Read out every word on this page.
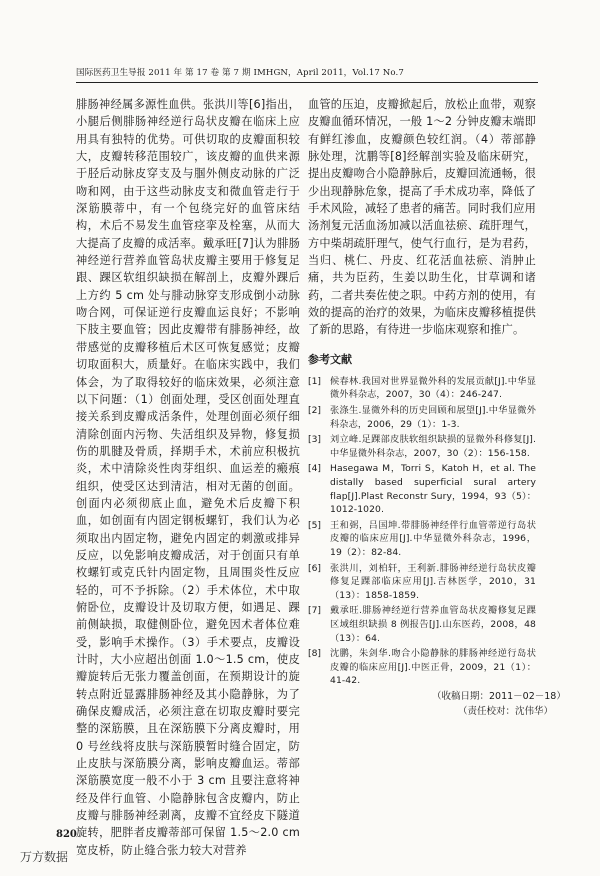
国际医药卫生导报 2011 年 第 17 卷 第 7 期 IMHGN，April 2011，Vol.17 No.7

腓肠神经属多源性血供。张洪川等[6]指出，小腿后侧腓肠神经逆行岛状皮瓣在临床上应用具有独特的优势。可供切取的皮瓣面积较大，皮瓣转移范围较广，该皮瓣的血供来源于胫后动脉皮穿支及与腘外侧皮动脉的广泛吻和网，由于这些动脉皮支和微血管走行于深筋膜蒂中，有一个包绕完好的血管床结构，术后不易发生血管痉挛及栓塞，从而大大提高了皮瓣的成活率。戴承旺[7]认为腓肠神经逆行营养血管岛状皮瓣主要用于修复足跟、踝区软组织缺损在解剖上，皮瓣外踝后上方约 5 cm 处与腓动脉穿支形成倒小动脉吻合网，可保证逆行皮瓣血运良好；不影响下肢主要血管；因此皮瓣带有腓肠神经，故带感觉的皮瓣移植后术区可恢复感觉；皮瓣切取面积大，质量好。在临床实践中，我们体会，为了取得较好的临床效果，必须注意以下问题：（1）创面处理，受区创面处理直接关系到皮瓣成活条件，处理创面必须仔细清除创面内污物、失活组织及异物，修复损伤的肌腱及骨质，择期手术，术前应积极抗炎，术中清除炎性肉芽组织、血运差的瘢痕组织，使受区达到清洁，相对无菌的创面。创面内必须彻底止血，避免术后皮瓣下积血，如创面有内固定钢板螺钉，我们认为必须取出内固定物，避免内固定的刺激或排异反应，以免影响皮瓣成活，对于创面只有单枚螺钉或克氏针内固定物，且周围炎性反应轻的，可不予拆除。（2）手术体位，术中取俯卧位，皮瓣设计及切取方便，如遇足、踝前侧缺损，取健侧卧位，避免因术者体位难受，影响手术操作。（3）手术要点，皮瓣设计时，大小应超出创面 1.0～1.5 cm，使皮瓣旋转后无张力覆盖创面，在预期设计的旋转点附近显露腓肠神经及其小隐静脉，为了确保皮瓣成活，必须注意在切取皮瓣时要完整的深筋膜，且在深筋膜下分离皮瓣时，用 0 号丝线将皮肤与深筋膜暂时缝合固定，防止皮肤与深筋膜分离，影响皮瓣血运。蒂部深筋膜宽度一般不小于 3 cm 且要注意将神经及伴行血管、小隐静脉包含皮瓣内，防止皮瓣与腓肠神经剥离，皮瓣不宜经皮下隧道旋转，肥胖者皮瓣蒂部可保留 1.5～2.0 cm 宽皮桥，防止缝合张力较大对营养

血管的压迫，皮瓣掀起后，放松止血带，观察皮瓣血循环情况，一般 1～2 分钟皮瓣末端即有鲜红渗血，皮瓣颜色较红润。（4）蒂部静脉处理，沈鹏等[8]经解剖实验及临床研究，提出皮瓣吻合小隐静脉后，皮瓣回流通畅，很少出现静脉危象，提高了手术成功率，降低了手术风险，减轻了患者的痛苦。同时我们应用汤剂复元活血汤加减以活血祛瘀、疏肝理气，方中柴胡疏肝理气，使气行血行，是为君药，当归、桃仁、丹皮、红花活血祛瘀、消肿止痛，共为臣药，生姜以助生化，甘草调和诸药，二者共奏佐使之职。中药方剂的使用，有效的提高的治疗的效果，为临床皮瓣移植提供了新的思路，有待进一步临床观察和推广。

参考文献
[1] 候春林.我国对世界显微外科的发展贡献[J].中华显微外科杂志，2007，30（4）：246-247.
[2] 张涤生.显微外科的历史回顾和展望[J].中华显微外科杂志，2006，29（1）：1-3.
[3] 刘立峰.足踝部皮肤软组织缺损的显微外科修复[J].中华显微外科杂志，2007，30（2）：156-158.
[4] Hasegawa M，Torri S，Katoh H，et al. The distally based superficial sural artery flap[J].Plast Reconstr Sury，1994，93（5）：1012-1020.
[5] 王和弼，吕国坤.带腓肠神经伴行血管蒂逆行岛状皮瓣的临床应用[J].中华显微外科杂志，1996，19（2）：82-84.
[6] 张洪川，刘柏轩，王利新.腓肠神经逆行岛状皮瓣修复足踝部临床应用[J].吉林医学，2010，31（13）：1858-1859.
[7] 戴承旺.腓肠神经逆行营养血管岛状皮瓣修复足踝区域组织缺损 8 例报告[J].山东医药，2008，48（13）：64.
[8] 沈鹏，朱剑华.吻合小隐静脉的腓肠神经逆行岛状皮瓣的临床应用[J].中医正骨，2009，21（1）：41-42.
（收稿日期：2011－02－18）
（责任校对：沈伟华）
820
万方数据
